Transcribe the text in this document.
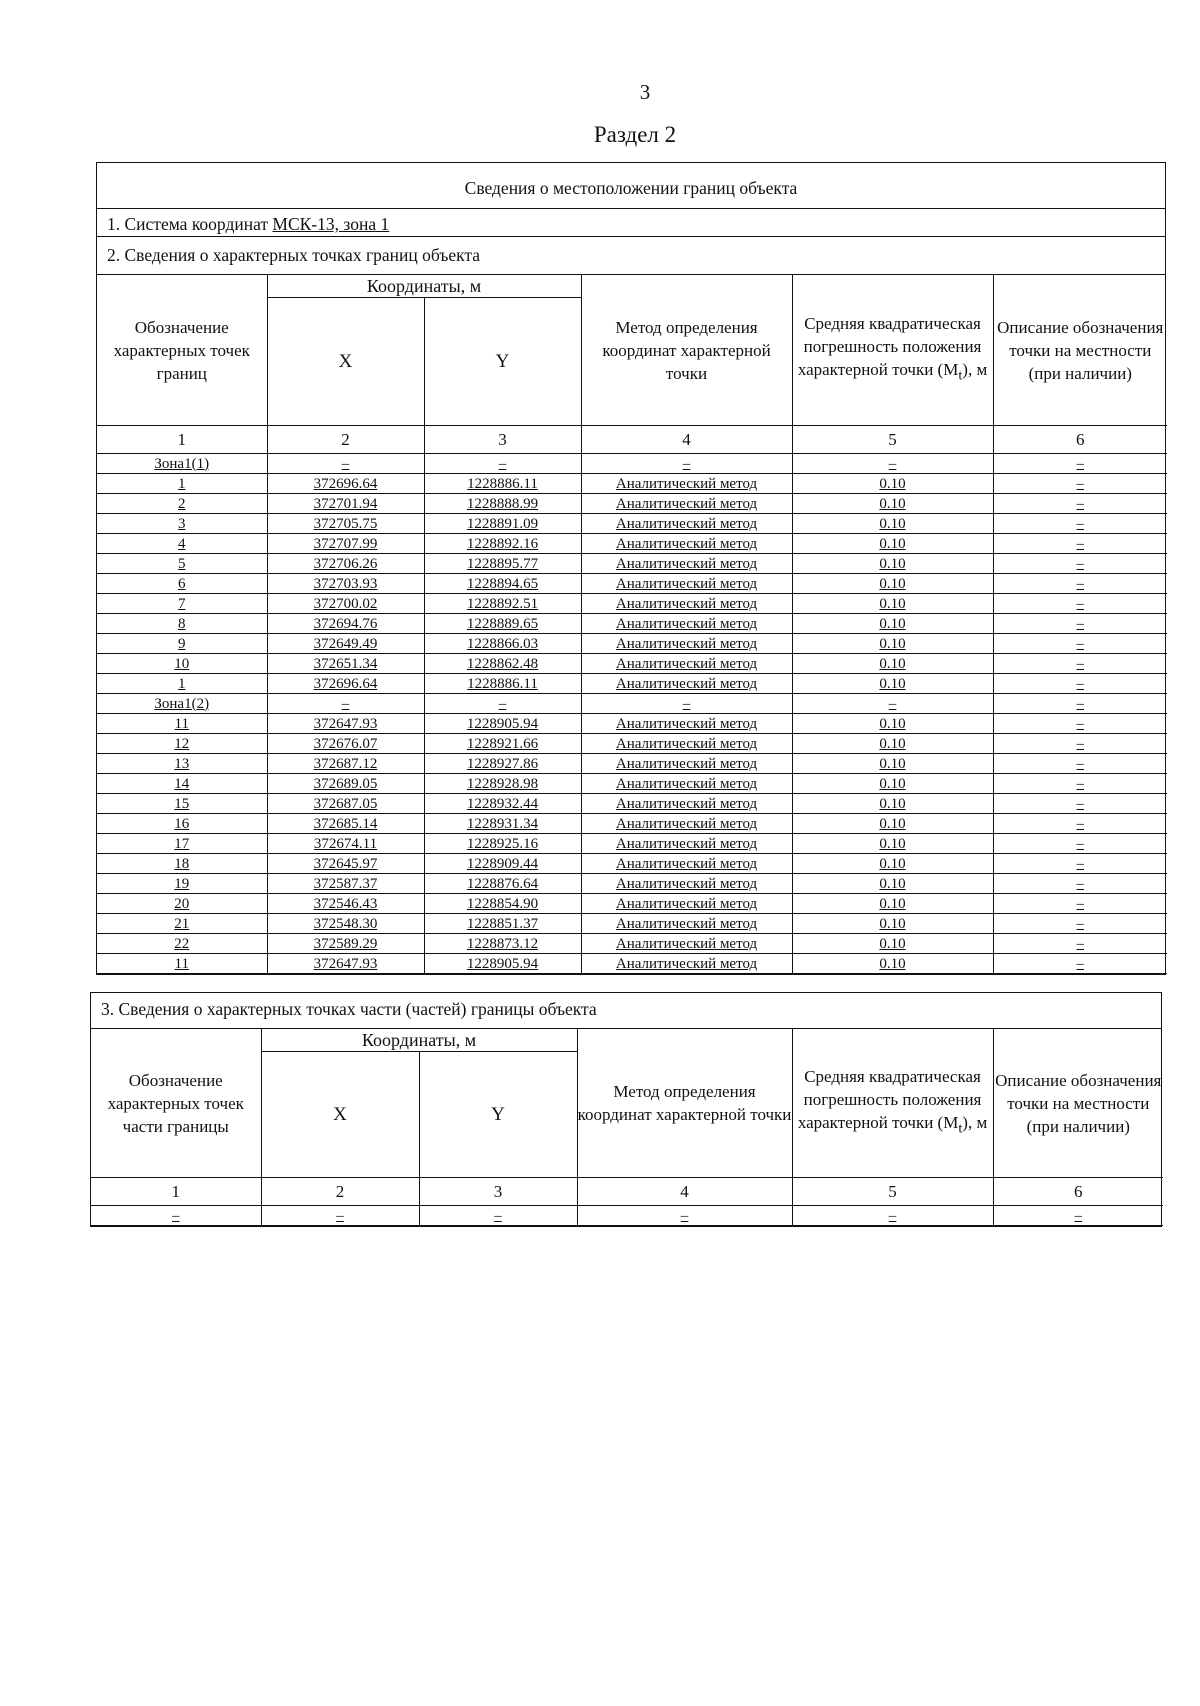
3
Раздел 2
Сведения о местоположении границ объекта
1. Система координат МСК-13, зона 1
2. Сведения о характерных точках границ объекта
Обозначение характерных точек границ	Координаты, м		Метод определения координат характерной точки	Средняя квадратическая погрешность положения характерной точки $(M_t)$, м	Описание обозначения точки на местности (при наличии)
	X	Y			
1	2	3	4	5	6
Зона1(1)	–	–	–	–	–
1	372696.64	1228886.11	Аналитический метод	0.10	–
2	372701.94	1228888.99	Аналитический метод	0.10	–
3	372705.75	1228891.09	Аналитический метод	0.10	–
4	372707.99	1228892.16	Аналитический метод	0.10	–
5	372706.26	1228895.77	Аналитический метод	0.10	–
6	372703.93	1228894.65	Аналитический метод	0.10	–
7	372700.02	1228892.51	Аналитический метод	0.10	–
8	372694.76	1228889.65	Аналитический метод	0.10	–
9	372649.49	1228866.03	Аналитический метод	0.10	–
10	372651.34	1228862.48	Аналитический метод	0.10	–
1	372696.64	1228886.11	Аналитический метод	0.10	–
Зона1(2)	–	–	–	–	–
11	372647.93	1228905.94	Аналитический метод	0.10	–
12	372676.07	1228921.66	Аналитический метод	0.10	–
13	372687.12	1228927.86	Аналитический метод	0.10	–
14	372689.05	1228928.98	Аналитический метод	0.10	–
15	372687.05	1228932.44	Аналитический метод	0.10	–
16	372685.14	1228931.34	Аналитический метод	0.10	–
17	372674.11	1228925.16	Аналитический метод	0.10	–
18	372645.97	1228909.44	Аналитический метод	0.10	–
19	372587.37	1228876.64	Аналитический метод	0.10	–
20	372546.43	1228854.90	Аналитический метод	0.10	–
21	372548.30	1228851.37	Аналитический метод	0.10	–
22	372589.29	1228873.12	Аналитический метод	0.10	–
11	372647.93	1228905.94	Аналитический метод	0.10	–
3. Сведения о характерных точках части (частей) границы объекта
Обозначение характерных точек части границы	Координаты, м		Метод определения координат характерной точки	Средняя квадратическая погрешность положения характерной точки $(M_t)$, м	Описание обозначения точки на местности (при наличии)
	X	Y			
1	2	3	4	5	6
–	–	–	–	–	–
